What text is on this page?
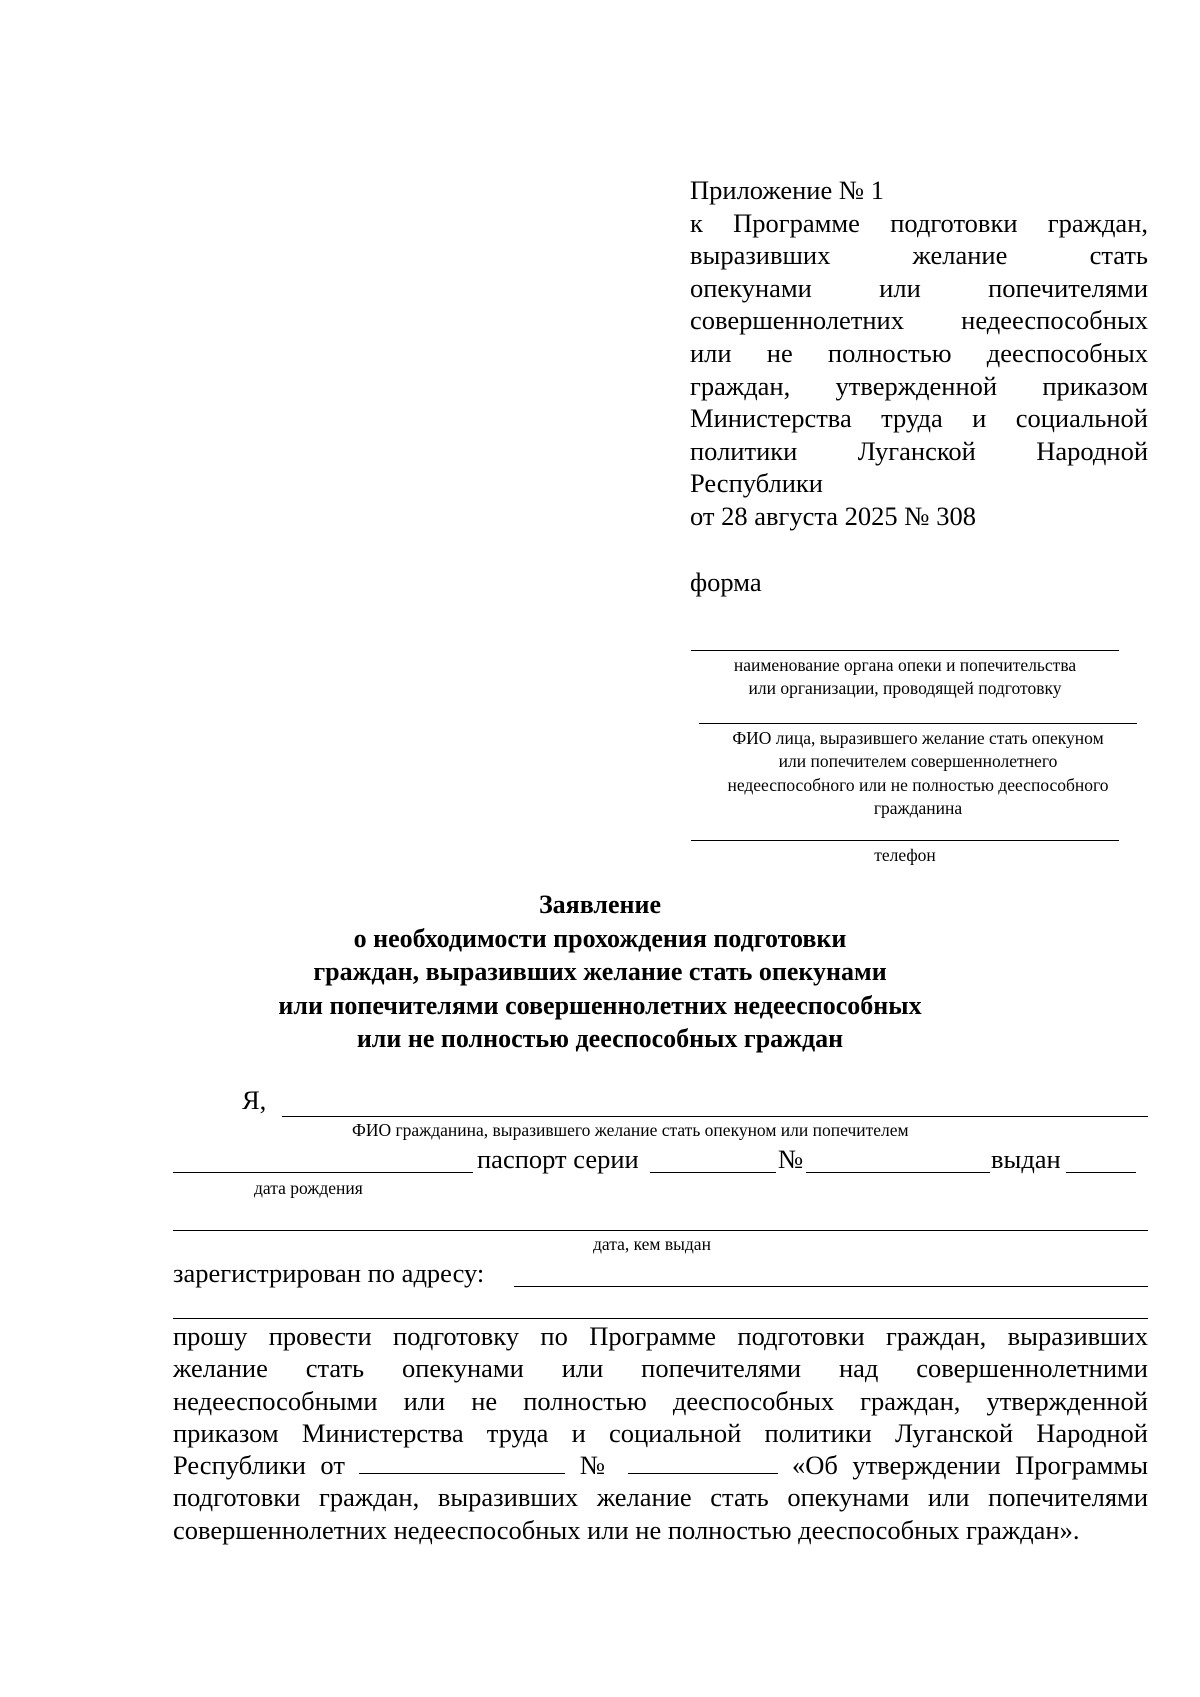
Приложение № 1
к Программе подготовки граждан,
выразивших желание стать
опекунами или попечителями
совершеннолетних недееспособных
или не полностью дееспособных
граждан, утвержденной приказом
Министерства труда и социальной
политики Луганской Народной
Республики
от 28 августа 2025 № 308
форма
наименование органа опеки и попечительства
или организации, проводящей подготовку
ФИО лица, выразившего желание стать опекуном
или попечителем совершеннолетнего
недееспособного или не полностью дееспособного
гражданина
телефон
Заявление
о необходимости прохождения подготовки
граждан, выразивших желание стать опекунами
или попечителями совершеннолетних недееспособных
или не полностью дееспособных граждан
Я,
ФИО гражданина, выразившего желание стать опекуном или попечителем
паспорт серии	№	выдан
дата рождения
дата, кем выдан
зарегистрирован по адресу:
прошу провести подготовку по Программе подготовки граждан, выразивших
желание стать опекунами или попечителями над совершеннолетними
недееспособными или не полностью дееспособных граждан, утвержденной
приказом Министерства труда и социальной политики Луганской Народной
Республики от	№	«Об утверждении Программы
подготовки граждан, выразивших желание стать опекунами или попечителями
совершеннолетних недееспособных или не полностью дееспособных граждан».
